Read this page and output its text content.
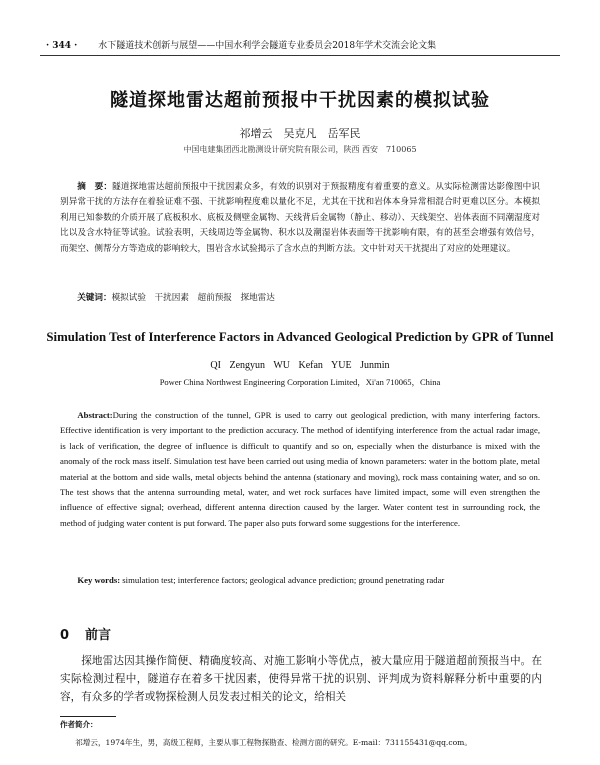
· 344 · 水下隧道技术创新与展望——中国水利学会隧道专业委员会2018年学术交流会论文集
隧道探地雷达超前预报中干扰因素的模拟试验
祁增云　吴克凡　岳军民
中国电建集团西北勘测设计研究院有限公司，陕西 西安　710065
摘　要：隧道探地雷达超前预报中干扰因素众多，有效的识别对于预报精度有着重要的意义。从实际检测雷达影像图中识别异常干扰的方法存在着验证难不强、干扰影响程度难以量化不足，尤其在干扰和岩体本身异常相混合时更难以区分。本模拟利用已知参数的介质开展了底板积水、底板及侧壁金属物、天线背后金属物（静止、移动）、天线架空、岩体表面不同潮湿度对比以及含水特征等试验。试验表明，天线周边等金属物、积水以及潮湿岩体表面等干扰影响有限，有的甚至会增强有效信号，而架空、侧帮分方等造成的影响较大，围岩含水试验揭示了含水点的判断方法。文中针对天干扰提出了对应的处理建议。
关键词：模拟试验　干扰因素　超前预报　探地雷达
Simulation Test of Interference Factors in Advanced Geological Prediction by GPR of Tunnel
QI Zengyun WU Kefan YUE Junmin
Power China Northwest Engineering Corporation Limited，Xi'an 710065，China
Abstract:During the construction of the tunnel, GPR is used to carry out geological prediction, with many interfering factors. Effective identification is very important to the prediction accuracy. The method of identifying interference from the actual radar image, is lack of verification, the degree of influence is difficult to quantify and so on, especially when the disturbance is mixed with the anomaly of the rock mass itself. Simulation test have been carried out using media of known parameters: water in the bottom plate, metal material at the bottom and side walls, metal objects behind the antenna (stationary and moving), rock mass containing water, and so on. The test shows that the antenna surrounding metal, water, and wet rock surfaces have limited impact, some will even strengthen the influence of effective signal; overhead, different antenna direction caused by the larger. Water content test in surrounding rock, the method of judging water content is put forward. The paper also puts forward some suggestions for the interference.
Key words: simulation test; interference factors; geological advance prediction; ground penetrating radar
0 前言
探地雷达因其操作简便、精确度较高、对施工影响小等优点，被大量应用于隧道超前预报当中。在实际检测过程中，隧道存在着多干扰因素，使得异常干扰的识别、评判成为资料解释分析中重要的内容，有众多的学者或物探检测人员发表过相关的论文，给相关
作者简介：
祁增云，1974年生，男，高级工程师，主要从事工程物探勘查、检测方面的研究。E-mail：731155431@qq.com。
